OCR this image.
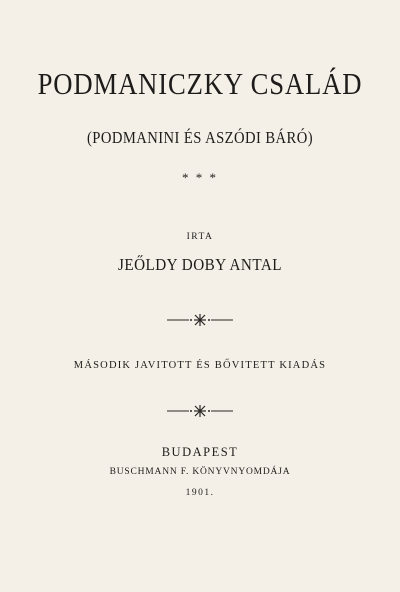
PODMANICZKY CSALÁD
(PODMANINI ÉS ASZÓDI BÁRÓ)
* * *
IRTA
JEŐLDY DOBY ANTAL
MÁSODIK JAVITOTT ÉS BŐVITETT KIADÁS
BUDAPEST
BUSCHMANN F. KÖNYVNYOMDÁJA
1901.
